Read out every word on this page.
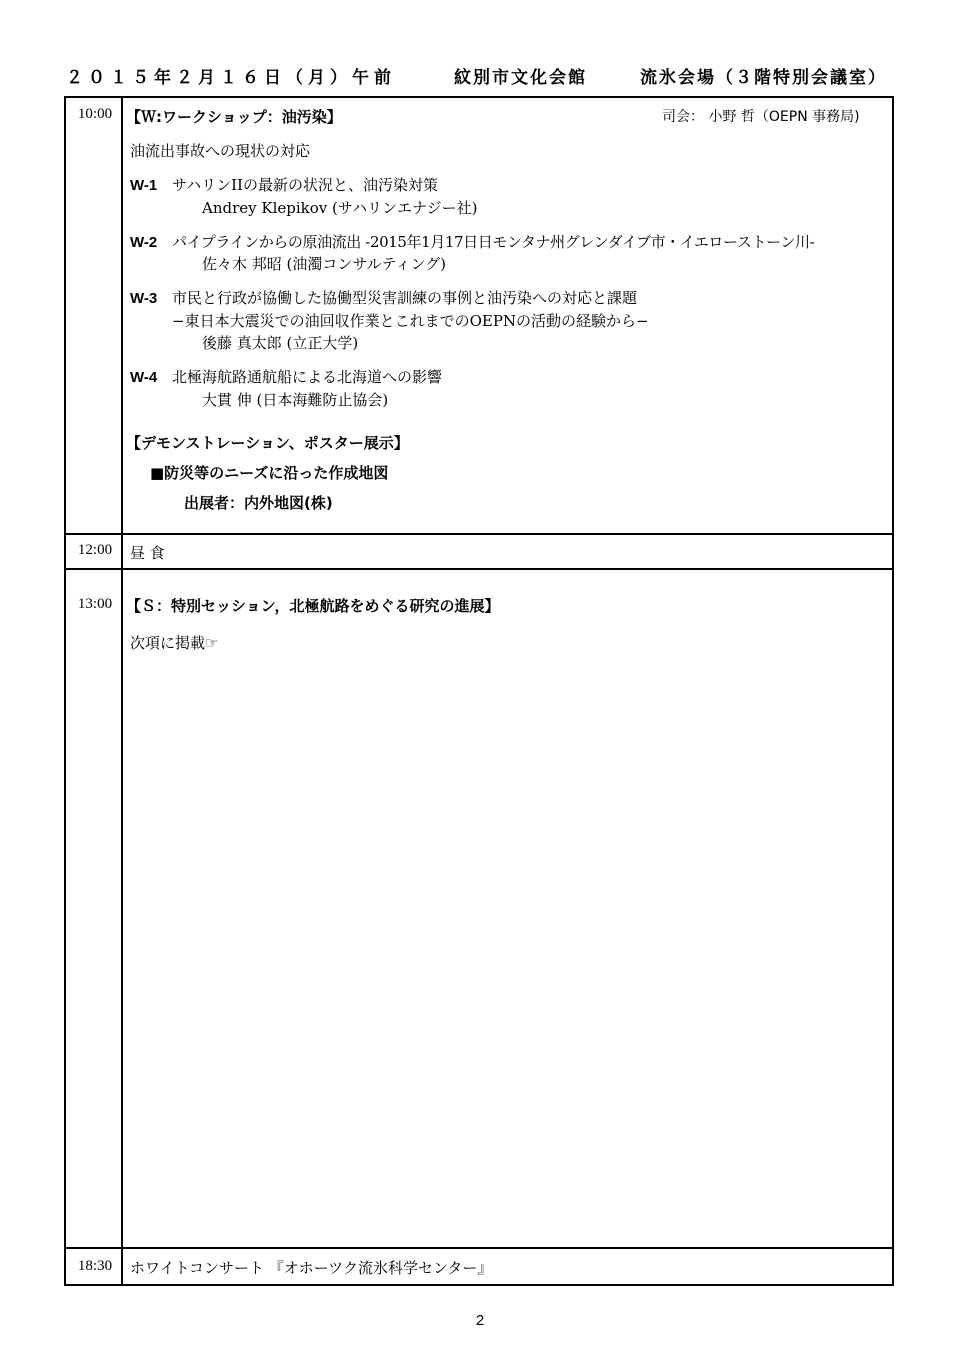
２０１５年２月１６日（月）午前	紋別市文化会館	流氷会場（３階特別会議室）
10:00 【Ｗ:ワークショップ：油汚染】	司会： 小野 哲（OEPN 事務局)
油流出事故への現状の対応
W-1 サハリンIIの最新の状況と、油汚染対策
Andrey Klepikov (サハリンエナジー社)
W-2 パイプラインからの原油流出 -2015年1月17日日モンタナ州グレンダイブ市・イエローストーン川-
佐々木 邦昭 (油濁コンサルティング)
W-3 市民と行政が協働した協働型災害訓練の事例と油汚染への対応と課題
−東日本大震災での油回収作業とこれまでのOEPNの活動の経験から−
後藤 真太郎 (立正大学)
W-4 北極海航路通航船による北海道への影響
大貫 伸 (日本海難防止協会)
【デモンストレーション、ポスター展示】
■防災等のニーズに沿った作成地図
出展者：内外地図(株)
12:00	昼 食
13:00 【Ｓ：特別セッション，北極航路をめぐる研究の進展】
次項に掲載☞
18:30	ホワイトコンサート 『オホーツク流氷科学センター』
2
